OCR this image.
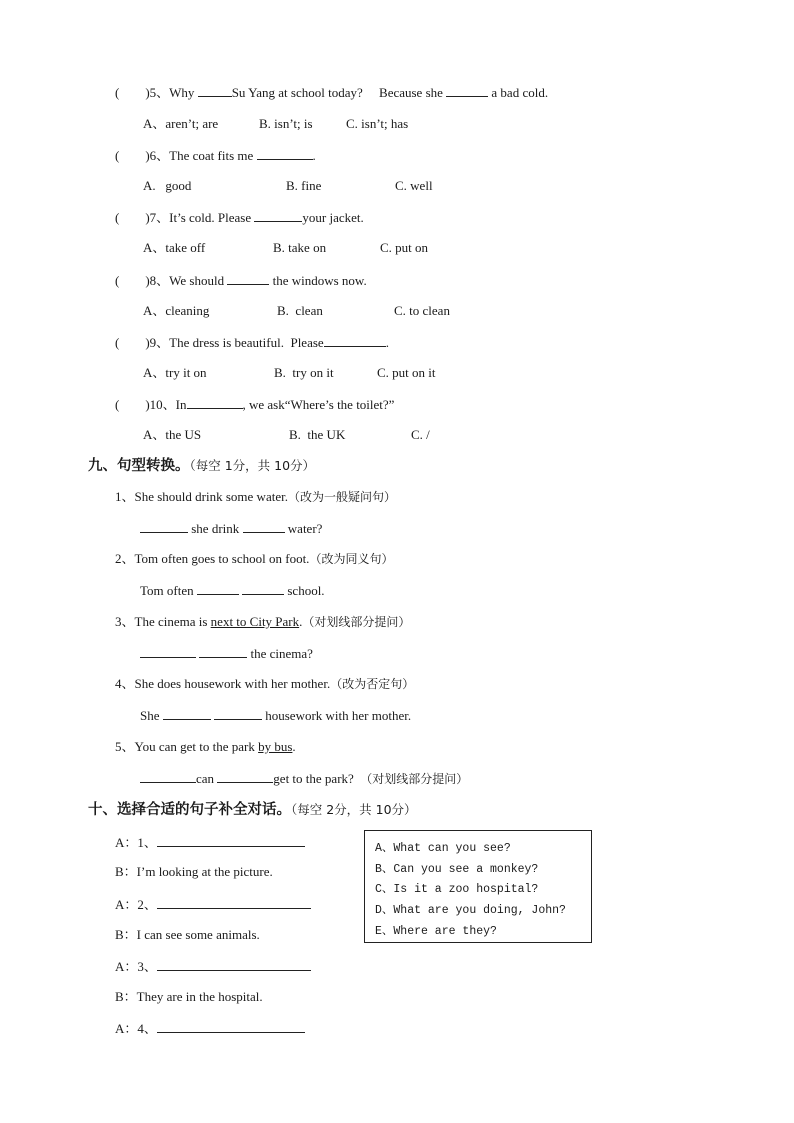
(        )5、Why	Su Yang at school today?     Because she	a bad cold.
A、aren’t; are	B. isn’t; is	C. isn’t; has
(        )6、The coat fits me	.
A.   good	B. fine	C. well
(        )7、It’s cold. Please	your jacket.
A、take off	B. take on	C. put on
(        )8、We should	the windows now.
A、cleaning	B.  clean	C. to clean
(        )9、The dress is beautiful.  Please	.
A、try it on	B.  try on it	C. put on it
(        )10、In	, we ask“Where’s the toilet?”
A、the US	B.  the UK	C. /
九、句型转换。（每空 1分，共 10分）
1、She should drink some water.（改为一般疑问句）
she drink	water?
2、Tom often goes to school on foot.（改为同义句）
Tom often	school.
3、The cinema is next to City Park.（对划线部分提问）
the cinema?
4、She does housework with her mother.（改为否定句）
She	housework with her mother.
5、You can get to the park by bus.
can	get to the park?  （对划线部分提问）
十、选择合适的句子补全对话。（每空 2分，共 10分）
A：1、
B：I’m looking at the picture.
A：2、
B：I can see some animals.
A：3、
B：They are in the hospital.
A：4、
A、What can you see?
B、Can you see a monkey?
C、Is it a zoo hospital?
D、What are you doing, John?
E、Where are they?
